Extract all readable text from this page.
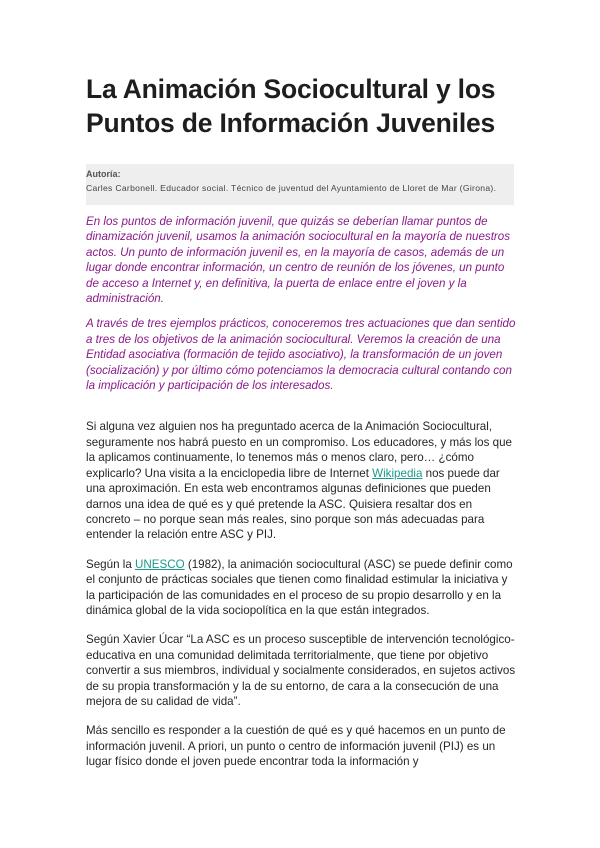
La Animación Sociocultural y los
Puntos de Información Juveniles
Autoría:
Carles Carbonell. Educador social. Técnico de juventud del Ayuntamiento de Lloret de Mar (Girona).

En los puntos de información juvenil, que quizás se deberían llamar puntos de dinamización juvenil, usamos la animación sociocultural en la mayoría de nuestros actos. Un punto de información juvenil es, en la mayoría de casos, además de un lugar donde encontrar información, un centro de reunión de los jóvenes, un punto de acceso a Internet y, en definitiva, la puerta de enlace entre el joven y la administración.

A través de tres ejemplos prácticos, conoceremos tres actuaciones que dan sentido a tres de los objetivos de la animación sociocultural. Veremos la creación de una Entidad asociativa (formación de tejido asociativo), la transformación de un joven (socialización) y por último cómo potenciamos la democracia cultural contando con la implicación y participación de los interesados.

Si alguna vez alguien nos ha preguntado acerca de la Animación Sociocultural, seguramente nos habrá puesto en un compromiso. Los educadores, y más los que la aplicamos continuamente, lo tenemos más o menos claro, pero… ¿cómo explicarlo? Una visita a la enciclopedia libre de Internet Wikipedia nos puede dar una aproximación. En esta web encontramos algunas definiciones que pueden darnos una idea de qué es y qué pretende la ASC. Quisiera resaltar dos en concreto – no porque sean más reales, sino porque son más adecuadas para entender la relación entre ASC y PIJ.

Según la UNESCO (1982), la animación sociocultural (ASC) se puede definir como el conjunto de prácticas sociales que tienen como finalidad estimular la iniciativa y la participación de las comunidades en el proceso de su propio desarrollo y en la dinámica global de la vida sociopolítica en la que están integrados.

Según Xavier Úcar “La ASC es un proceso susceptible de intervención tecnológico-educativa en una comunidad delimitada territorialmente, que tiene por objetivo convertir a sus miembros, individual y socialmente considerados, en sujetos activos de su propia transformación y la de su entorno, de cara a la consecución de una mejora de su calidad de vida”.

Más sencillo es responder a la cuestión de qué es y qué hacemos en un punto de información juvenil. A priori, un punto o centro de información juvenil (PIJ) es un lugar físico donde el joven puede encontrar toda la información y
